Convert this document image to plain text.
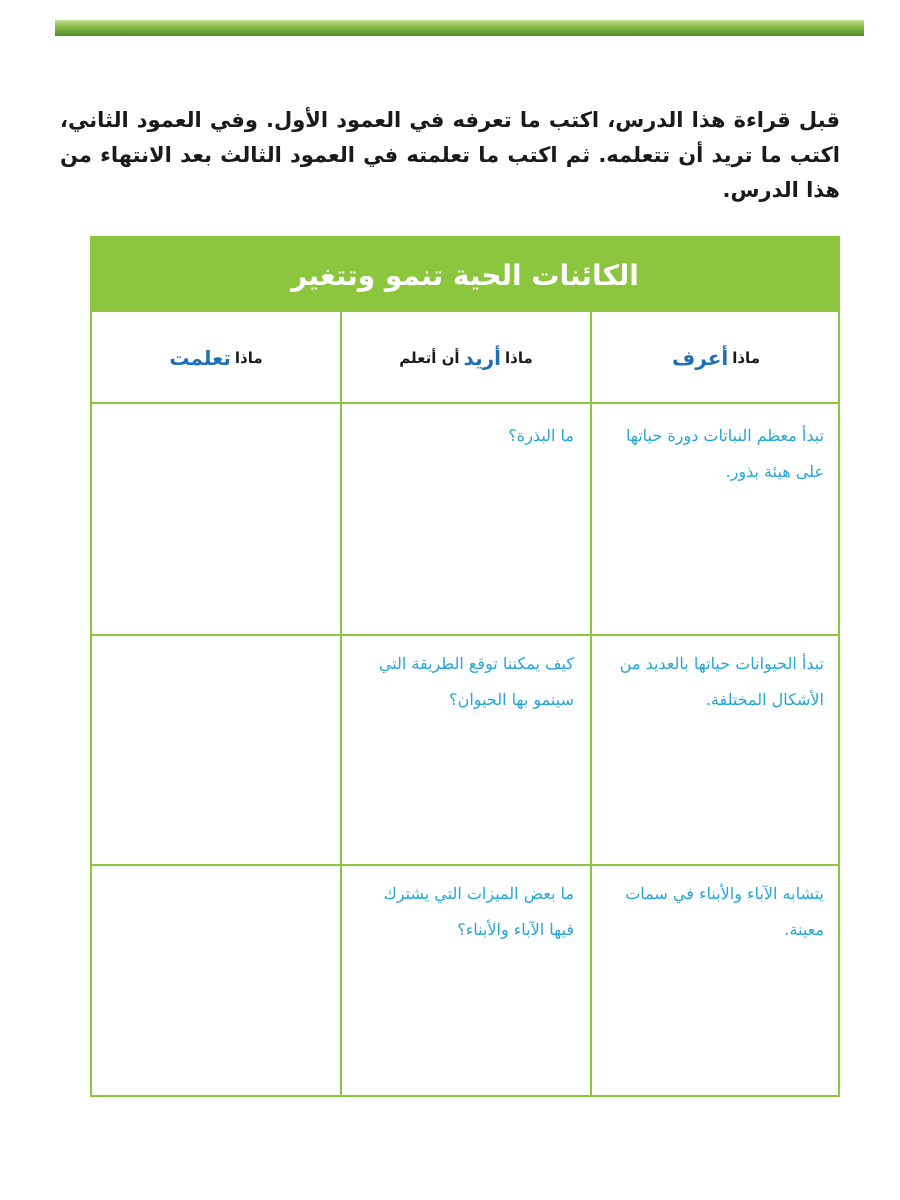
قبل قراءة هذا الدرس، اكتب ما تعرفه في العمود الأول. وفي العمود الثاني، اكتب ما تريد أن تتعلمه. ثم اكتب ما تعلمته في العمود الثالث بعد الانتهاء من هذا الدرس.

الكائنات الحية تنمو وتتغير
ماذا
أعرف
ماذا
أريد
أن أتعلم
ماذا
تعلمت
تبدأ معظم النباتات دورة حياتها على هيئة بذور.
ما البذرة؟
تبدأ الحيوانات حياتها بالعديد من الأشكال المختلفة.
كيف يمكننا توقع الطريقة التي سينمو بها الحيوان؟
يتشابه الآباء والأبناء في سمات معينة.
ما بعض الميزات التي يشترك فيها الآباء والأبناء؟
